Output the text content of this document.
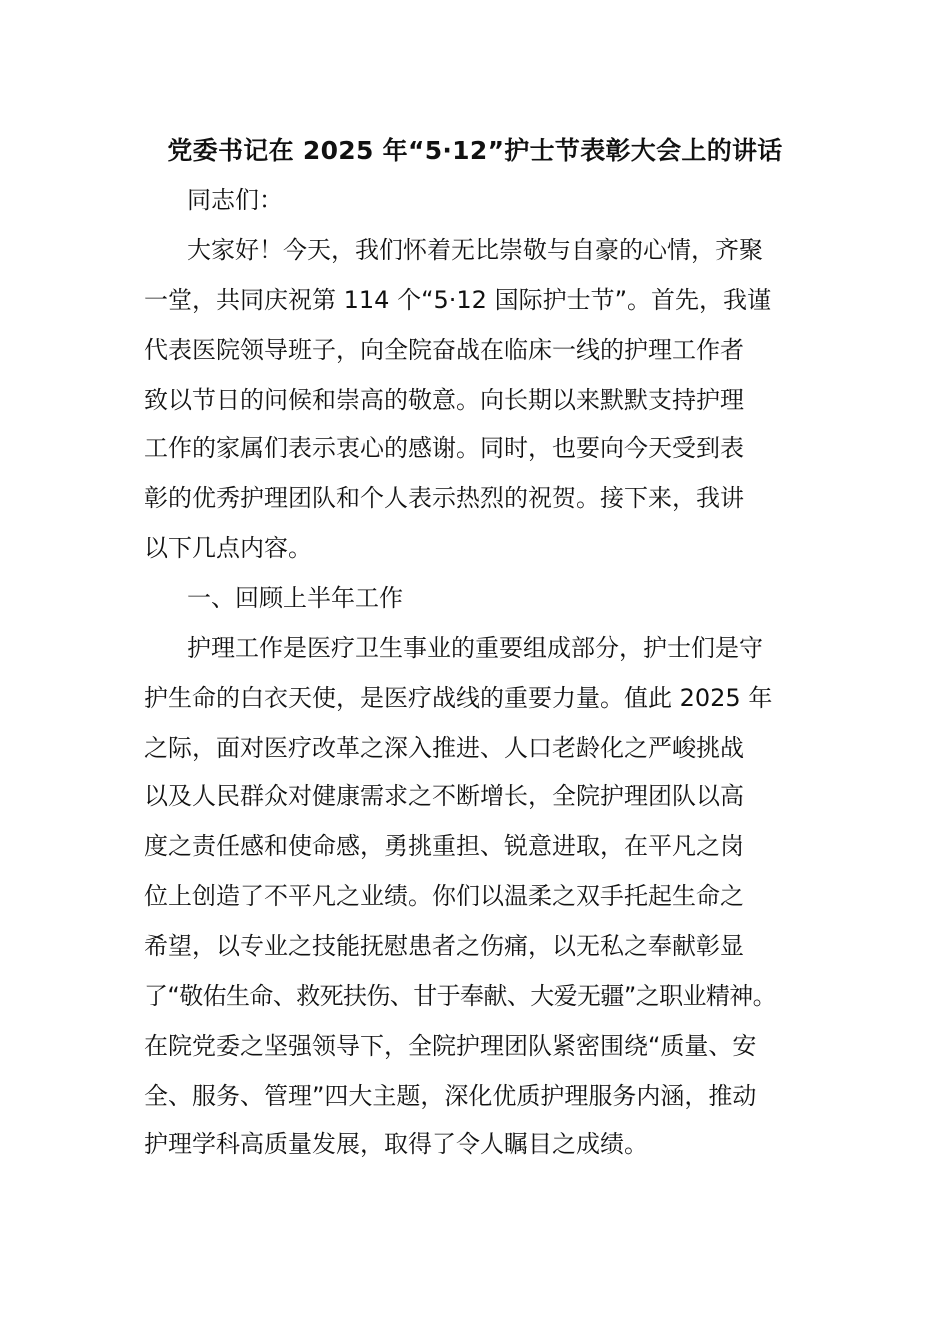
党委书记在 2025 年“5·12”护士节表彰大会上的讲话
同志们：
大家好！今天，我们怀着无比崇敬与自豪的心情，齐聚
一堂，共同庆祝第 114 个“5·12 国际护士节”。首先，我谨
代表医院领导班子，向全院奋战在临床一线的护理工作者
致以节日的问候和崇高的敬意。向长期以来默默支持护理
工作的家属们表示衷心的感谢。同时，也要向今天受到表
彰的优秀护理团队和个人表示热烈的祝贺。接下来，我讲
以下几点内容。
一、回顾上半年工作
护理工作是医疗卫生事业的重要组成部分，护士们是守
护生命的白衣天使，是医疗战线的重要力量。值此 2025 年
之际，面对医疗改革之深入推进、人口老龄化之严峻挑战
以及人民群众对健康需求之不断增长，全院护理团队以高
度之责任感和使命感，勇挑重担、锐意进取，在平凡之岗
位上创造了不平凡之业绩。你们以温柔之双手托起生命之
希望，以专业之技能抚慰患者之伤痛，以无私之奉献彰显
了“敬佑生命、救死扶伤、甘于奉献、大爱无疆”之职业精神。
在院党委之坚强领导下，全院护理团队紧密围绕“质量、安
全、服务、管理”四大主题，深化优质护理服务内涵，推动
护理学科高质量发展，取得了令人瞩目之成绩。
